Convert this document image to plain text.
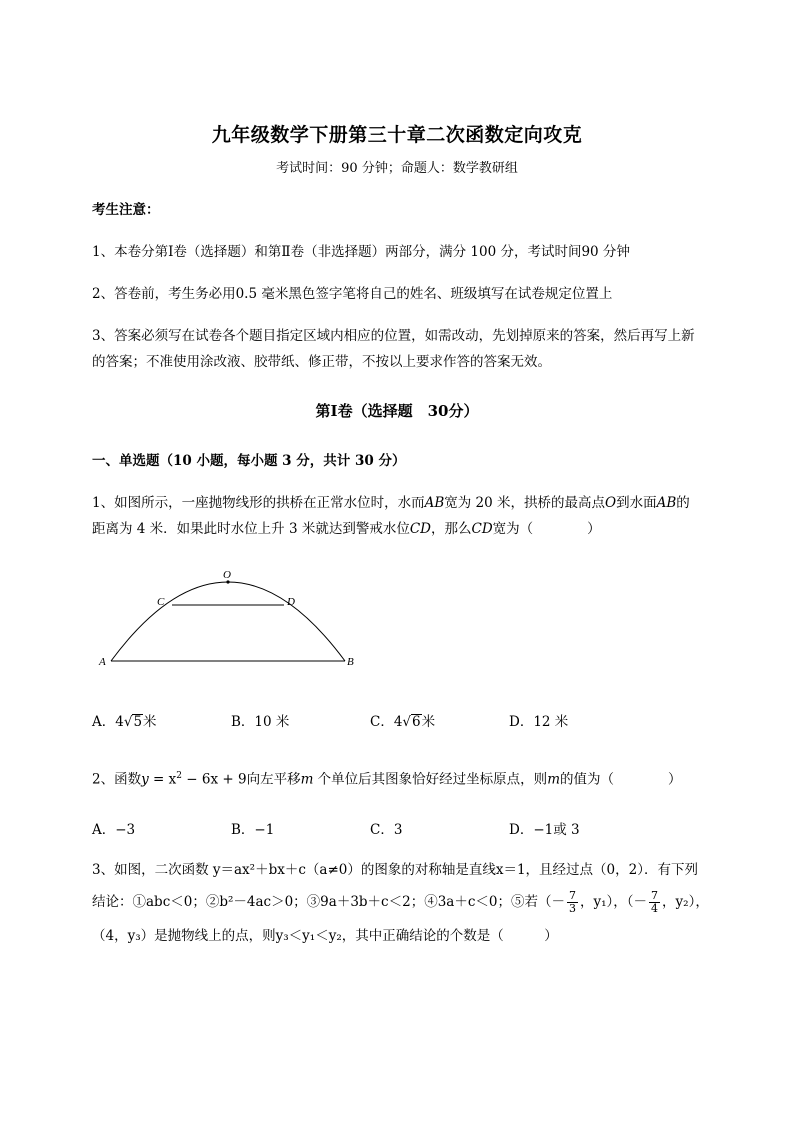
九年级数学下册第三十章二次函数定向攻克
考试时间：90 分钟；命题人：数学教研组
考生注意：
1、本卷分第Ⅰ卷（选择题）和第Ⅱ卷（非选择题）两部分，满分 100 分，考试时间90 分钟
2、答卷前，考生务必用0.5 毫米黑色签字笔将自己的姓名、班级填写在试卷规定位置上
3、答案必须写在试卷各个题目指定区域内相应的位置，如需改动，先划掉原来的答案，然后再写上新
的答案；不准使用涂改液、胶带纸、修正带，不按以上要求作答的答案无效。
第Ⅰ卷（选择题　30分）
一、单选题（10 小题，每小题 3 分，共计 30 分）
1、如图所示，一座抛物线形的拱桥在正常水位时，水而AB宽为 20 米，拱桥的最高点O到水面AB的
距离为 4 米．如果此时水位上升 3 米就达到警戒水位CD，那么CD宽为（　　　　）
O
C	D
A	B
A．4√5米	B．10 米	C．4√6米	D．12 米
2、函数$y = x^2 - 6x + 9$向左平移m 个单位后其图象恰好经过坐标原点，则m的值为（　　　　）
A．−3	B．−1	C．3	D．−1或 3
3、如图，二次函数 y＝ax²＋bx＋c（a≠0）的图象的对称轴是直线x＝1，且经过点（0，2）．有下列
结论：①abc＜0；②b²－4ac＞0；③9a＋3b＋c＜2；④3a＋c＜0；⑤若（－ $\frac{7}{3}$ ，y₁），（－ $\frac{7}{4}$ ，y₂），
（4，y₃）是抛物线上的点，则y₃＜y₁＜y₂，其中正确结论的个数是（　　　）
